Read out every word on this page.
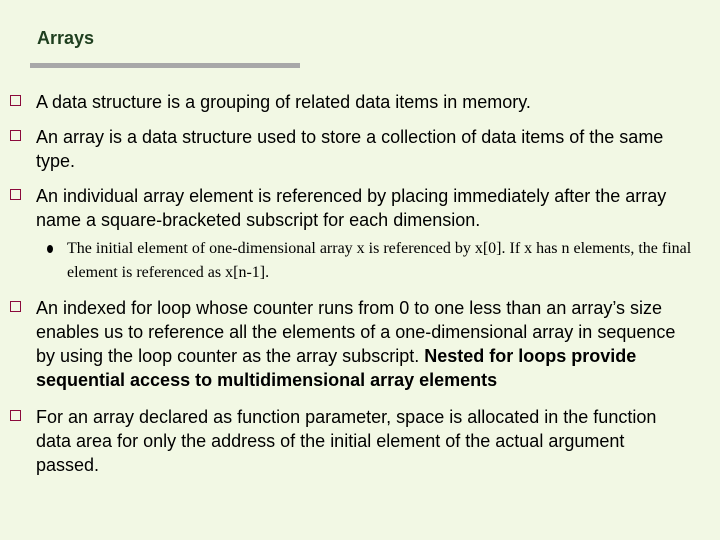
Arrays
A data structure is a grouping of related data items in memory.
An array is a data structure used to store a collection of data items of the same type.
An individual array element is referenced by placing immediately after the array name a square-bracketed subscript for each dimension.
The initial element of one-dimensional array x is referenced by x[0]. If x has n elements, the final element is referenced as x[n-1].
An indexed for loop whose counter runs from 0 to one less than an array’s size enables us to reference all the elements of a one-dimensional array in sequence by using the loop counter as the array subscript. Nested for loops provide sequential access to multidimensional array elements
For an array declared as function parameter, space is allocated in the function data area for only the address of the initial element of the actual argument passed.
